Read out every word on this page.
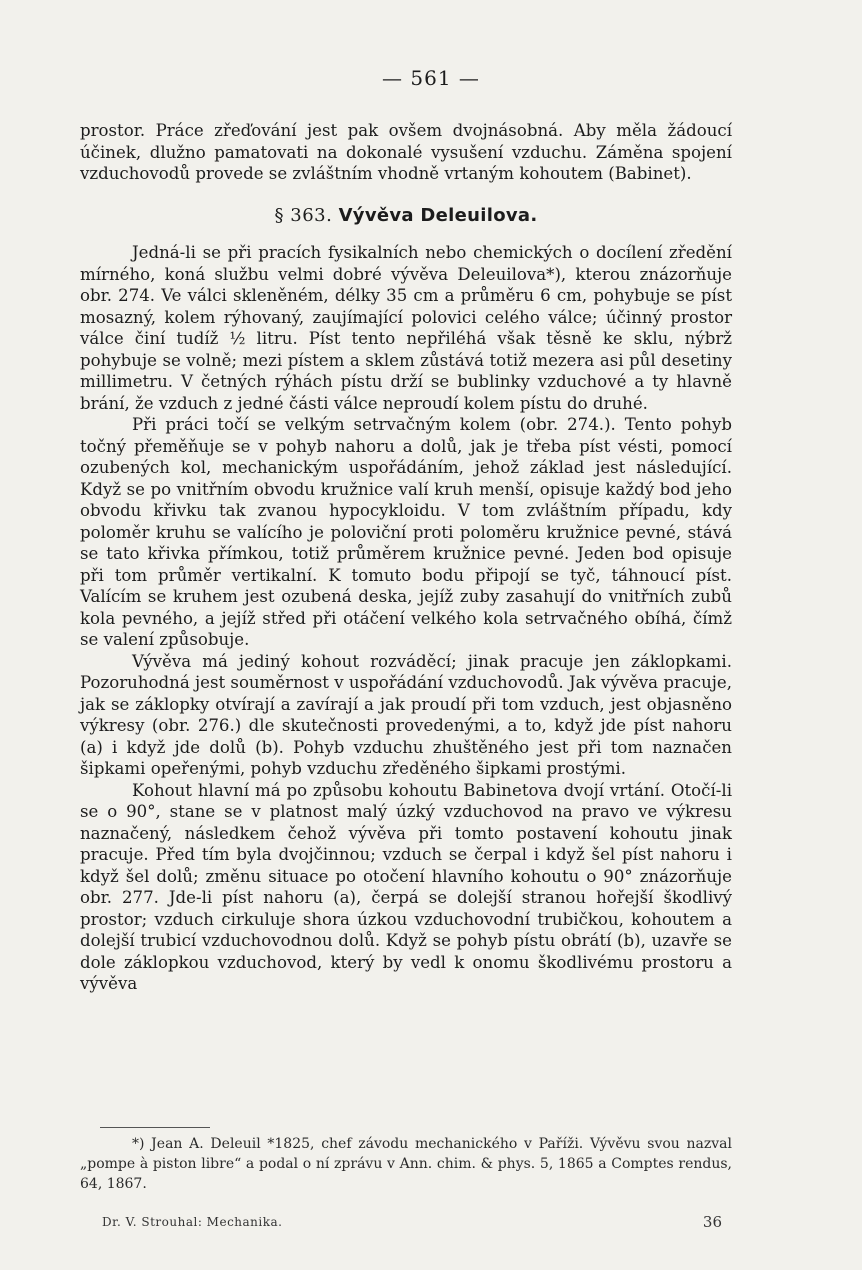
— 561 —

prostor. Práce zřeďování jest pak ovšem dvojnásobná. Aby měla žádoucí účinek, dlužno pamatovati na dokonalé vysušení vzduchu. Záměna spojení vzduchovodů provede se zvláštním vhodně vrtaným kohoutem (Babinet).

§ 363. Vývěva Deleuilova.

Jedná-li se při pracích fysikalních nebo chemických o docílení zředění mírného, koná službu velmi dobré vývěva Deleuilova*), kterou znázorňuje obr. 274. Ve válci skleněném, délky 35 cm a průměru 6 cm, pohybuje se píst mosazný, kolem rýhovaný, zaujímající polovici celého válce; účinný prostor válce činí tudíž ½ litru. Píst tento nepřiléhá však těsně ke sklu, nýbrž pohybuje se volně; mezi pístem a sklem zůstává totiž mezera asi půl desetiny millimetru. V četných rýhách pístu drží se bublinky vzduchové a ty hlavně brání, že vzduch z jedné části válce neproudí kolem pístu do druhé.

Při práci točí se velkým setrvačným kolem (obr. 274.). Tento pohyb točný přeměňuje se v pohyb nahoru a dolů, jak je třeba píst vésti, pomocí ozubených kol, mechanickým uspořádáním, jehož základ jest následující. Když se po vnitřním obvodu kružnice valí kruh menší, opisuje každý bod jeho obvodu křivku tak zvanou hypocykloidu. V tom zvláštním případu, kdy poloměr kruhu se valícího je poloviční proti poloměru kružnice pevné, stává se tato křivka přímkou, totiž průměrem kružnice pevné. Jeden bod opisuje při tom průměr vertikalní. K tomuto bodu připojí se tyč, táhnoucí píst. Valícím se kruhem jest ozubená deska, jejíž zuby zasahují do vnitřních zubů kola pevného, a jejíž střed při otáčení velkého kola setrvačného obíhá, čímž se valení způsobuje.

Vývěva má jediný kohout rozváděcí; jinak pracuje jen záklopkami. Pozoruhodná jest souměrnost v uspořádání vzduchovodů. Jak vývěva pracuje, jak se záklopky otvírají a zavírají a jak proudí při tom vzduch, jest objasněno výkresy (obr. 276.) dle skutečnosti provedenými, a to, když jde píst nahoru (a) i když jde dolů (b). Pohyb vzduchu zhuštěného jest při tom naznačen šipkami opeřenými, pohyb vzduchu zředěného šipkami prostými.

Kohout hlavní má po způsobu kohoutu Babinetova dvojí vrtání. Otočí-li se o 90°, stane se v platnost malý úzký vzduchovod na pravo ve výkresu naznačený, následkem čehož vývěva při tomto postavení kohoutu jinak pracuje. Před tím byla dvojčinnou; vzduch se čerpal i když šel píst nahoru i když šel dolů; změnu situace po otočení hlavního kohoutu o 90° znázorňuje obr. 277. Jde-li píst nahoru (a), čerpá se dolejší stranou hořejší škodlivý prostor; vzduch cirkuluje shora úzkou vzduchovodní trubičkou, kohoutem a dolejší trubicí vzduchovodnou dolů. Když se pohyb pístu obrátí (b), uzavře se dole záklopkou vzduchovod, který by vedl k onomu škodlivému prostoru a vývěva

*) Jean A. Deleuil *1825, chef závodu mechanického v Paříži. Vývěvu svou nazval „pompe à piston libre“ a podal o ní zprávu v Ann. chim. & phys. 5, 1865 a Comptes rendus, 64, 1867.

Dr. V. Strouhal: Mechanika.	36
